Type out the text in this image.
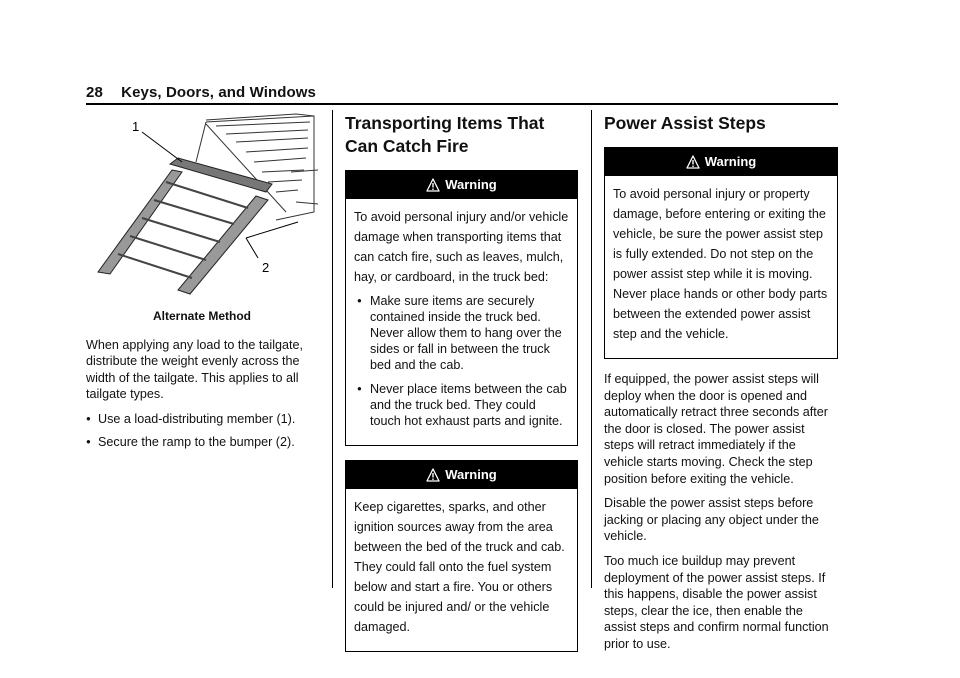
28 Keys, Doors, and Windows
1
2
Alternate Method

When applying any load to the tailgate, distribute the weight evenly across the width of the tailgate. This applies to all tailgate types.

● Use a load-distributing member (1).
● Secure the ramp to the bumper (2).
Transporting Items That Can Catch Fire
Warning

To avoid personal injury and/or vehicle damage when transporting items that can catch fire, such as leaves, mulch, hay, or cardboard, in the truck bed:

● Make sure items are securely contained inside the truck bed. Never allow them to hang over the sides or fall in between the truck bed and the cab.
● Never place items between the cab and the truck bed. They could touch hot exhaust parts and ignite.
Warning

Keep cigarettes, sparks, and other ignition sources away from the area between the bed of the truck and cab. They could fall onto the fuel system below and start a fire. You or others could be injured and/ or the vehicle damaged.

Power Assist Steps
Warning

To avoid personal injury or property damage, before entering or exiting the vehicle, be sure the power assist step is fully extended. Do not step on the power assist step while it is moving. Never place hands or other body parts between the extended power assist step and the vehicle.

If equipped, the power assist steps will deploy when the door is opened and automatically retract three seconds after the door is closed. The power assist steps will retract immediately if the vehicle starts moving. Check the step position before exiting the vehicle.

Disable the power assist steps before jacking or placing any object under the vehicle.

Too much ice buildup may prevent deployment of the power assist steps. If this happens, disable the power assist steps, clear the ice, then enable the assist steps and confirm normal function prior to use.
